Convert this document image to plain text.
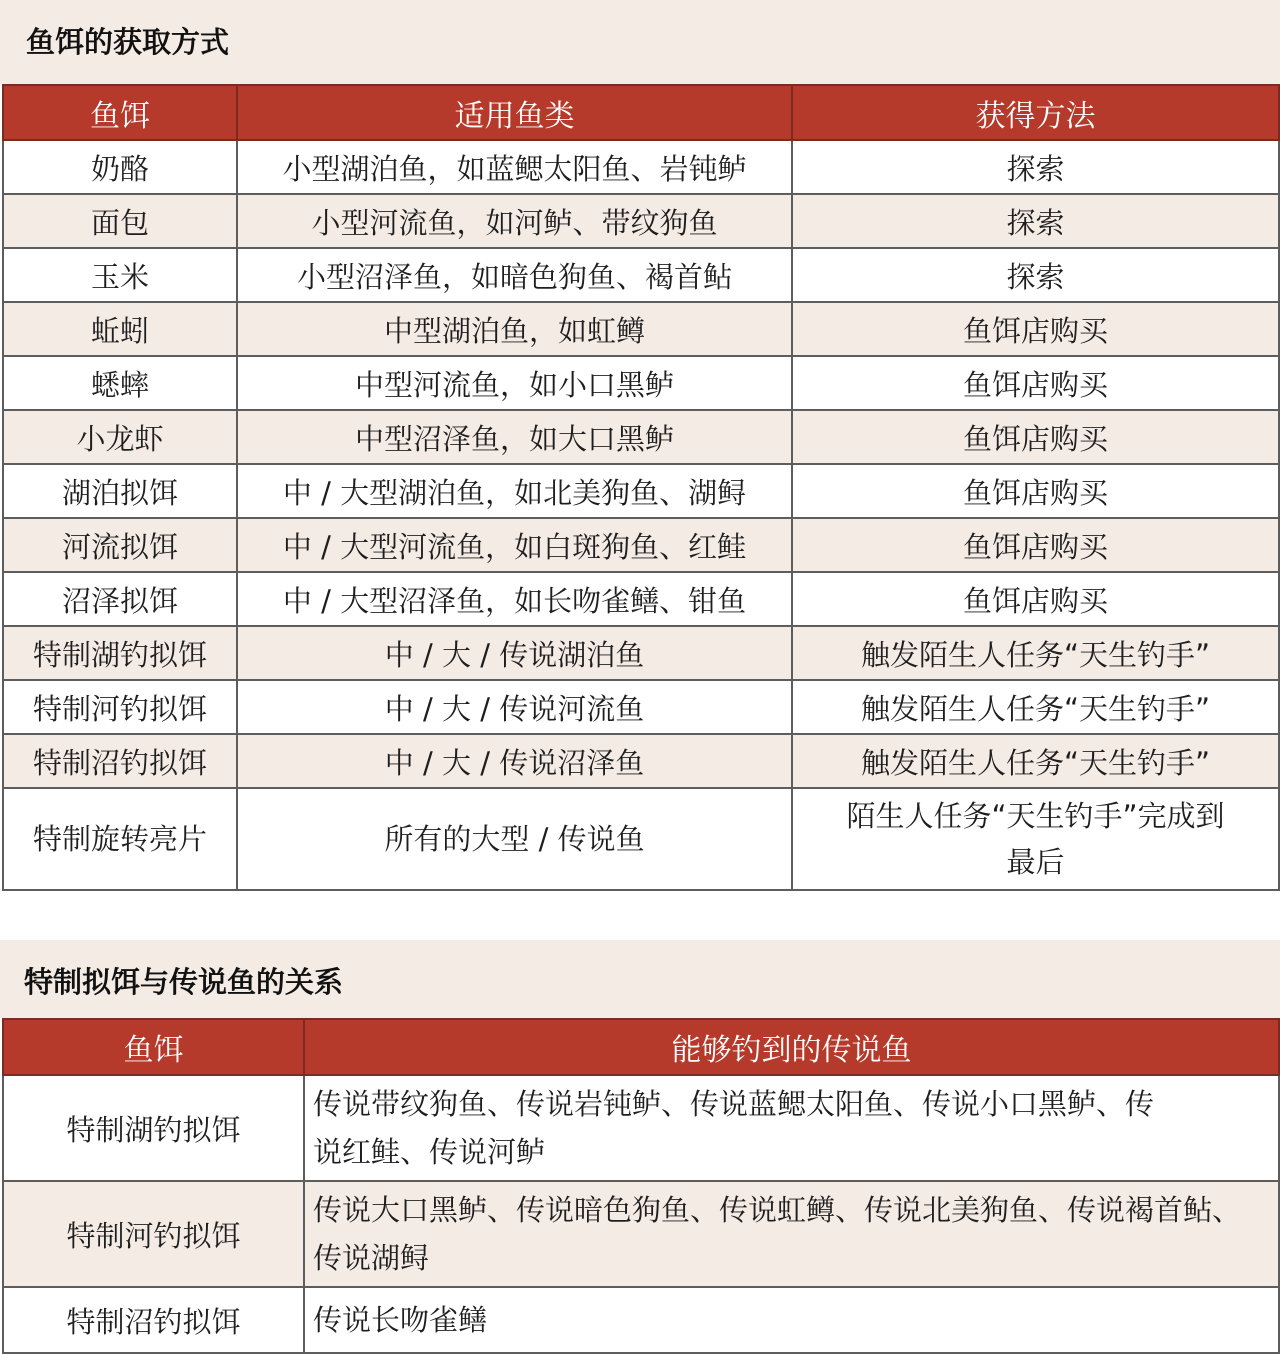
鱼饵的获取方式
鱼饵	适用鱼类	获得方法
奶酪	小型湖泊鱼，如蓝鳃太阳鱼、岩钝鲈	探索
面包	小型河流鱼，如河鲈、带纹狗鱼	探索
玉米	小型沼泽鱼，如暗色狗鱼、褐首鲇	探索
蚯蚓	中型湖泊鱼，如虹鳟	鱼饵店购买
蟋蟀	中型河流鱼，如小口黑鲈	鱼饵店购买
小龙虾	中型沼泽鱼，如大口黑鲈	鱼饵店购买
湖泊拟饵	中 / 大型湖泊鱼，如北美狗鱼、湖鲟	鱼饵店购买
河流拟饵	中 / 大型河流鱼，如白斑狗鱼、红鲑	鱼饵店购买
沼泽拟饵	中 / 大型沼泽鱼，如长吻雀鳝、钳鱼	鱼饵店购买
特制湖钓拟饵	中 / 大 / 传说湖泊鱼	触发陌生人任务“天生钓手”
特制河钓拟饵	中 / 大 / 传说河流鱼	触发陌生人任务“天生钓手”
特制沼钓拟饵	中 / 大 / 传说沼泽鱼	触发陌生人任务“天生钓手”
特制旋转亮片	所有的大型 / 传说鱼	陌生人任务“天生钓手”完成到
最后
特制拟饵与传说鱼的关系
鱼饵	能够钓到的传说鱼
特制湖钓拟饵	传说带纹狗鱼、传说岩钝鲈、传说蓝鳃太阳鱼、传说小口黑鲈、传
说红鲑、传说河鲈
特制河钓拟饵	传说大口黑鲈、传说暗色狗鱼、传说虹鳟、传说北美狗鱼、传说褐首鲇、
传说湖鲟
特制沼钓拟饵	传说长吻雀鳝
